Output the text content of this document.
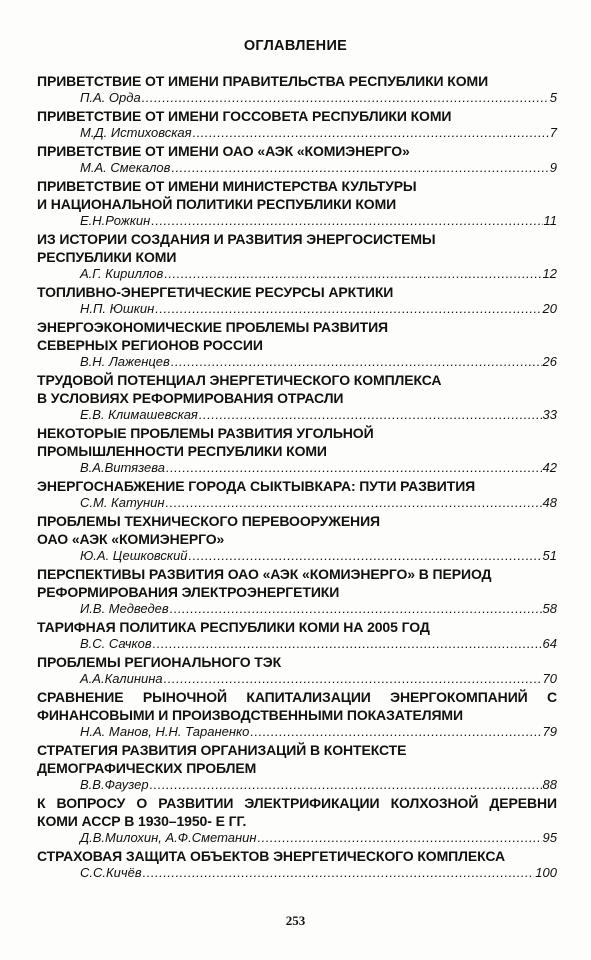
ОГЛАВЛЕНИЕ
ПРИВЕТСТВИЕ ОТ ИМЕНИ ПРАВИТЕЛЬСТВА РЕСПУБЛИКИ КОМИ
П.А. Орда .....	5
ПРИВЕТСТВИЕ ОТ ИМЕНИ ГОССОВЕТА РЕСПУБЛИКИ КОМИ
М.Д. Истиховская .....	7
ПРИВЕТСТВИЕ ОТ ИМЕНИ ОАО «АЭК «КОМИЭНЕРГО»
М.А. Смекалов .....	9
ПРИВЕТСТВИЕ ОТ ИМЕНИ МИНИСТЕРСТВА КУЛЬТУРЫ
И НАЦИОНАЛЬНОЙ ПОЛИТИКИ РЕСПУБЛИКИ КОМИ
Е.Н.Рожкин .....	11
ИЗ ИСТОРИИ СОЗДАНИЯ И РАЗВИТИЯ ЭНЕРГОСИСТЕМЫ
РЕСПУБЛИКИ КОМИ
А.Г. Кириллов .....	12
ТОПЛИВНО-ЭНЕРГЕТИЧЕСКИЕ РЕСУРСЫ АРКТИКИ
Н.П. Юшкин .....	20
ЭНЕРГОЭКОНОМИЧЕСКИЕ ПРОБЛЕМЫ РАЗВИТИЯ
СЕВЕРНЫХ РЕГИОНОВ РОССИИ
В.Н. Лаженцев .....	26
ТРУДОВОЙ ПОТЕНЦИАЛ ЭНЕРГЕТИЧЕСКОГО КОМПЛЕКСА
В УСЛОВИЯХ РЕФОРМИРОВАНИЯ ОТРАСЛИ
Е.В. Климашевская .....	33
НЕКОТОРЫЕ ПРОБЛЕМЫ РАЗВИТИЯ УГОЛЬНОЙ
ПРОМЫШЛЕННОСТИ РЕСПУБЛИКИ КОМИ
В.А.Витязева .....	42
ЭНЕРГОСНАБЖЕНИЕ ГОРОДА СЫКТЫВКАРА: ПУТИ РАЗВИТИЯ
С.М. Катунин .....	48
ПРОБЛЕМЫ ТЕХНИЧЕСКОГО ПЕРЕВООРУЖЕНИЯ
ОАО «АЭК «КОМИЭНЕРГО»
Ю.А. Цешковский .....	51
ПЕРСПЕКТИВЫ РАЗВИТИЯ ОАО «АЭК «КОМИЭНЕРГО» В ПЕРИОД
РЕФОРМИРОВАНИЯ ЭЛЕКТРОЭНЕРГЕТИКИ
И.В. Медведев .....	58
ТАРИФНАЯ ПОЛИТИКА РЕСПУБЛИКИ КОМИ НА 2005 ГОД
В.С. Сачков .....	64
ПРОБЛЕМЫ РЕГИОНАЛЬНОГО ТЭК
А.А.Калинина .....	70
СРАВНЕНИЕ РЫНОЧНОЙ КАПИТАЛИЗАЦИИ ЭНЕРГОКОМПАНИЙ С ФИНАНСОВЫМИ И ПРОИЗВОДСТВЕННЫМИ ПОКАЗАТЕЛЯМИ
Н.А. Манов, Н.Н. Тараненко .....	79
СТРАТЕГИЯ РАЗВИТИЯ ОРГАНИЗАЦИЙ В КОНТЕКСТЕ
ДЕМОГРАФИЧЕСКИХ ПРОБЛЕМ
В.В.Фаузер .....	88
К ВОПРОСУ О РАЗВИТИИ ЭЛЕКТРИФИКАЦИИ КОЛХОЗНОЙ ДЕРЕВНИ КОМИ АССР В 1930–1950- Е ГГ.
Д.В.Милохин, А.Ф.Сметанин .....	95
СТРАХОВАЯ ЗАЩИТА ОБЪЕКТОВ ЭНЕРГЕТИЧЕСКОГО КОМПЛЕКСА
С.С.Кичёв .....	100
253
